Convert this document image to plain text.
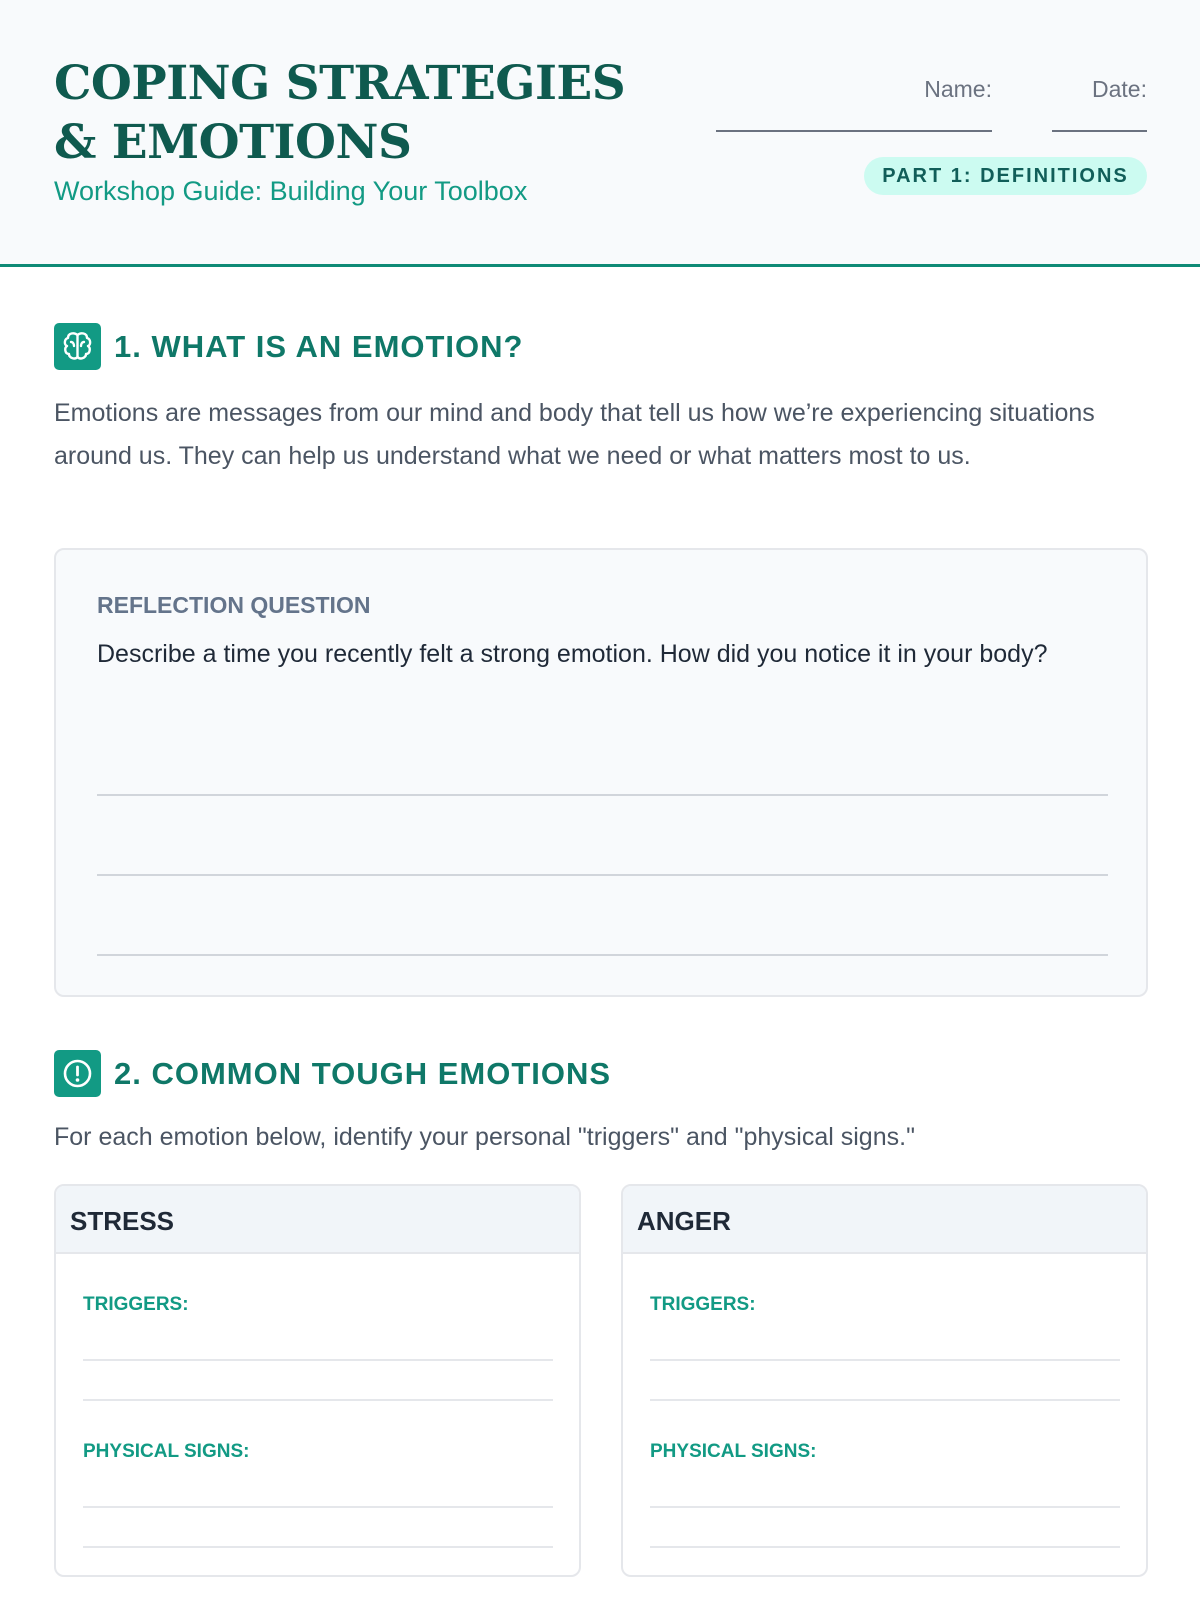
COPING STRATEGIES & EMOTIONS
Workshop Guide: Building Your Toolbox
Name:	Date:
PART 1: DEFINITIONS
1. WHAT IS AN EMOTION?
Emotions are messages from our mind and body that tell us how we’re experiencing situations around us. They can help us understand what we need or what matters most to us.
REFLECTION QUESTION
Describe a time you recently felt a strong emotion. How did you notice it in your body?
2. COMMON TOUGH EMOTIONS
For each emotion below, identify your personal "triggers" and "physical signs."
STRESS
TRIGGERS:
PHYSICAL SIGNS:
ANGER
TRIGGERS:
PHYSICAL SIGNS:
